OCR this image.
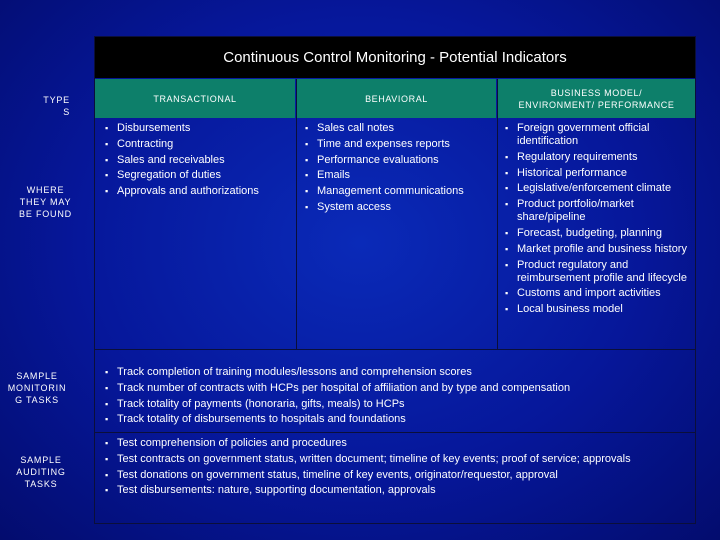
Continuous Control Monitoring - Potential Indicators
TRANSACTIONAL	BEHAVIORAL
BUSINESS MODEL/
ENVIRONMENT/ PERFORMANCE
TYPE
S
WHERE
THEY MAY
BE FOUND
SAMPLE
MONITORIN
G TASKS
SAMPLE
AUDITING
TASKS
▪ Disbursements
▪ Contracting
▪ Sales and receivables
▪ Segregation of duties
▪ Approvals and authorizations
▪ Sales call notes
▪ Time and expenses reports
▪ Performance evaluations
▪ Emails
▪ Management communications
▪ System access
▪ Foreign government official identification
▪ Regulatory requirements
▪ Historical performance
▪ Legislative/enforcement climate
▪ Product portfolio/market share/pipeline
▪ Forecast, budgeting, planning
▪ Market profile and business history
▪ Product regulatory and reimbursement profile and lifecycle
▪ Customs and import activities
▪ Local business model
▪ Track completion of training modules/lessons and comprehension scores
▪ Track number of contracts with HCPs per hospital of affiliation and by type and compensation
▪ Track totality of payments (honoraria, gifts, meals) to HCPs
▪ Track totality of disbursements to hospitals and foundations
▪ Test comprehension of policies and procedures
▪ Test contracts on government status, written document; timeline of key events; proof of service; approvals
▪ Test donations on government status, timeline of key events, originator/requestor, approval
▪ Test disbursements: nature, supporting documentation, approvals
